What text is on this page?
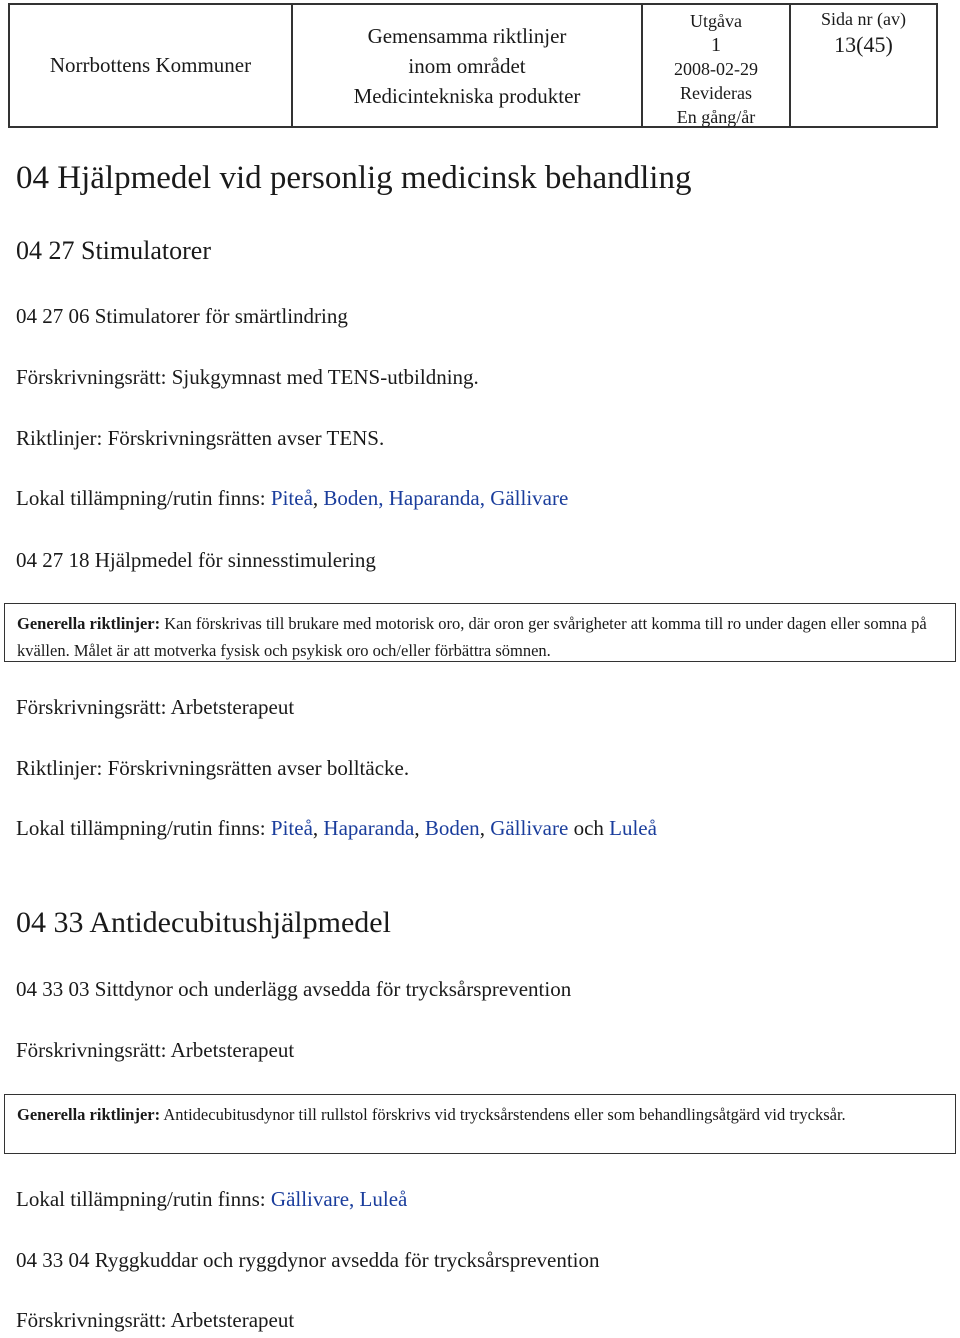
Norrbottens Kommuner
Gemensamma riktlinjer
inom området
Medicintekniska produkter
Utgåva
1
2008-02-29
Revideras
En gång/år
Sida nr (av)
13(45)
04 Hjälpmedel vid personlig medicinsk behandling
04 27 Stimulatorer
04 27 06 Stimulatorer för smärtlindring
Förskrivningsrätt: Sjukgymnast med TENS-utbildning.
Riktlinjer: Förskrivningsrätten avser TENS.
Lokal tillämpning/rutin finns: Piteå, Boden, Haparanda, Gällivare
04 27 18 Hjälpmedel för sinnesstimulering
Generella riktlinjer: Kan förskrivas till brukare med motorisk oro, där oron ger svårigheter att komma till ro under dagen eller somna på kvällen. Målet är att motverka fysisk och psykisk oro och/eller förbättra sömnen.
Förskrivningsrätt: Arbetsterapeut
Riktlinjer: Förskrivningsrätten avser bolltäcke.
Lokal tillämpning/rutin finns: Piteå, Haparanda, Boden, Gällivare och Luleå
04 33 Antidecubitushjälpmedel
04 33 03 Sittdynor och underlägg avsedda för trycksårsprevention
Förskrivningsrätt: Arbetsterapeut
Generella riktlinjer: Antidecubitusdynor till rullstol förskrivs vid trycksårstendens eller som behandlingsåtgärd vid trycksår.
Lokal tillämpning/rutin finns: Gällivare, Luleå
04 33 04 Ryggkuddar och ryggdynor avsedda för trycksårsprevention
Förskrivningsrätt: Arbetsterapeut
